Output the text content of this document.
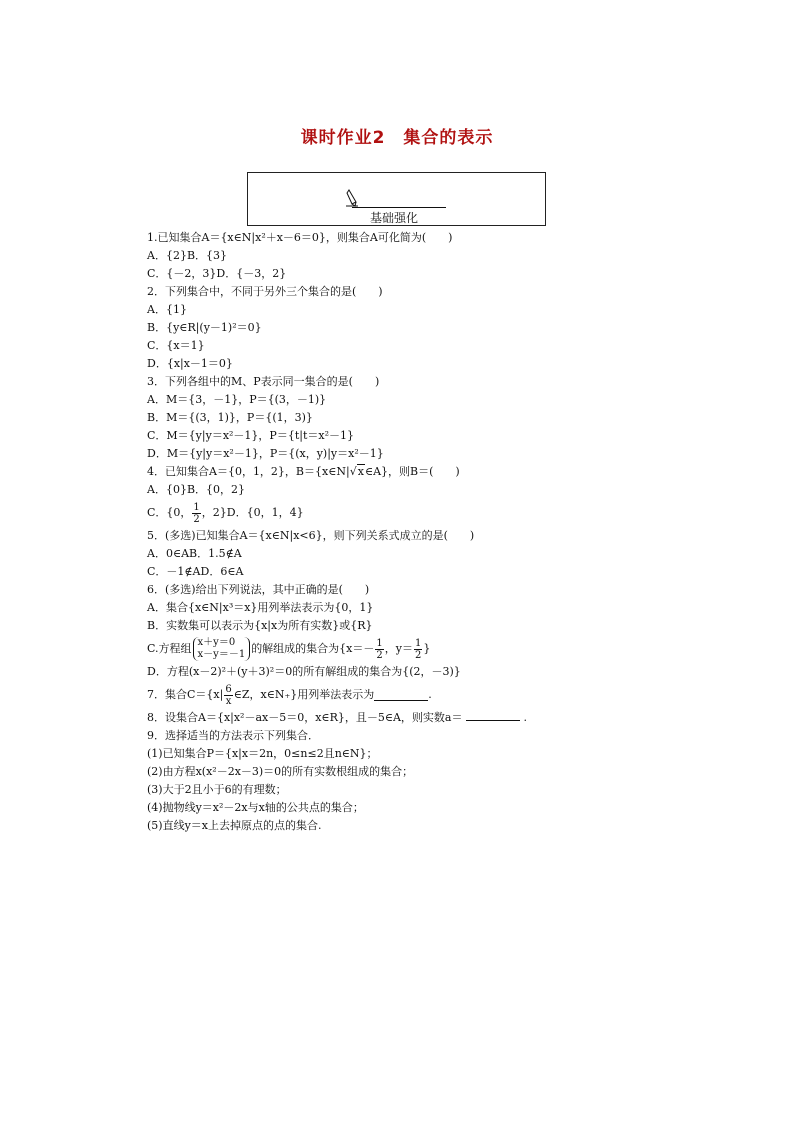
课时作业2　集合的表示
基础强化
1.已知集合A＝{x∈N|x²＋x－6＝0}，则集合A可化简为(　　)
A．{2}B．{3}
C．{－2，3}D．{－3，2}
2．下列集合中，不同于另外三个集合的是(　　)
A．{1}
B．{y∈R|(y－1)²＝0}
C．{x＝1}
D．{x|x－1＝0}
3．下列各组中的M、P表示同一集合的是(　　)
A．M＝{3，－1}，P＝{(3，－1)}
B．M＝{(3，1)}，P＝{(1，3)}
C．M＝{y|y＝x²－1}，P＝{t|t＝x²－1}
D．M＝{y|y＝x²－1}，P＝{(x，y)|y＝x²－1}
4．已知集合A＝{0，1，2}，B＝{x∈N|√x∈A}，则B＝(　　)
A．{0}B．{0，2}
C．{0， $\frac{1}{2}$ ，2}D．{0，1，4}
5．(多选)已知集合A＝{x∈N|x<6}，则下列关系式成立的是(　　)
A．0∈AB．1.5∉A
C．－1∉AD．6∈A
6．(多选)给出下列说法，其中正确的是(　　)
A．集合{x∈N|x³＝x}用列举法表示为{0，1}
B．实数集可以表示为{x|x为所有实数}或{R}
C.方程组 x＋y＝0
x－y＝－1 的解组成的集合为{$x=- \frac{1}{2}$ ，$y= \frac{1}{2}$ }
D．方程(x－2)²＋(y＋3)²＝0的所有解组成的集合为{(2，－3)}
7．集合$C=\{x| \frac{6}{x}$ ∈Z，x∈N₊}用列举法表示为	.
8．设集合A＝{x|x²－ax－5＝0，x∈R}，且－5∈A，则实数a＝	.
9．选择适当的方法表示下列集合．
(1)已知集合P＝{x|x＝2n，0≤n≤2且n∈N}；
(2)由方程x(x²－2x－3)＝0的所有实数根组成的集合；
(3)大于2且小于6的有理数；
(4)抛物线y＝x²－2x与x轴的公共点的集合；
(5)直线y＝x上去掉原点的点的集合.
